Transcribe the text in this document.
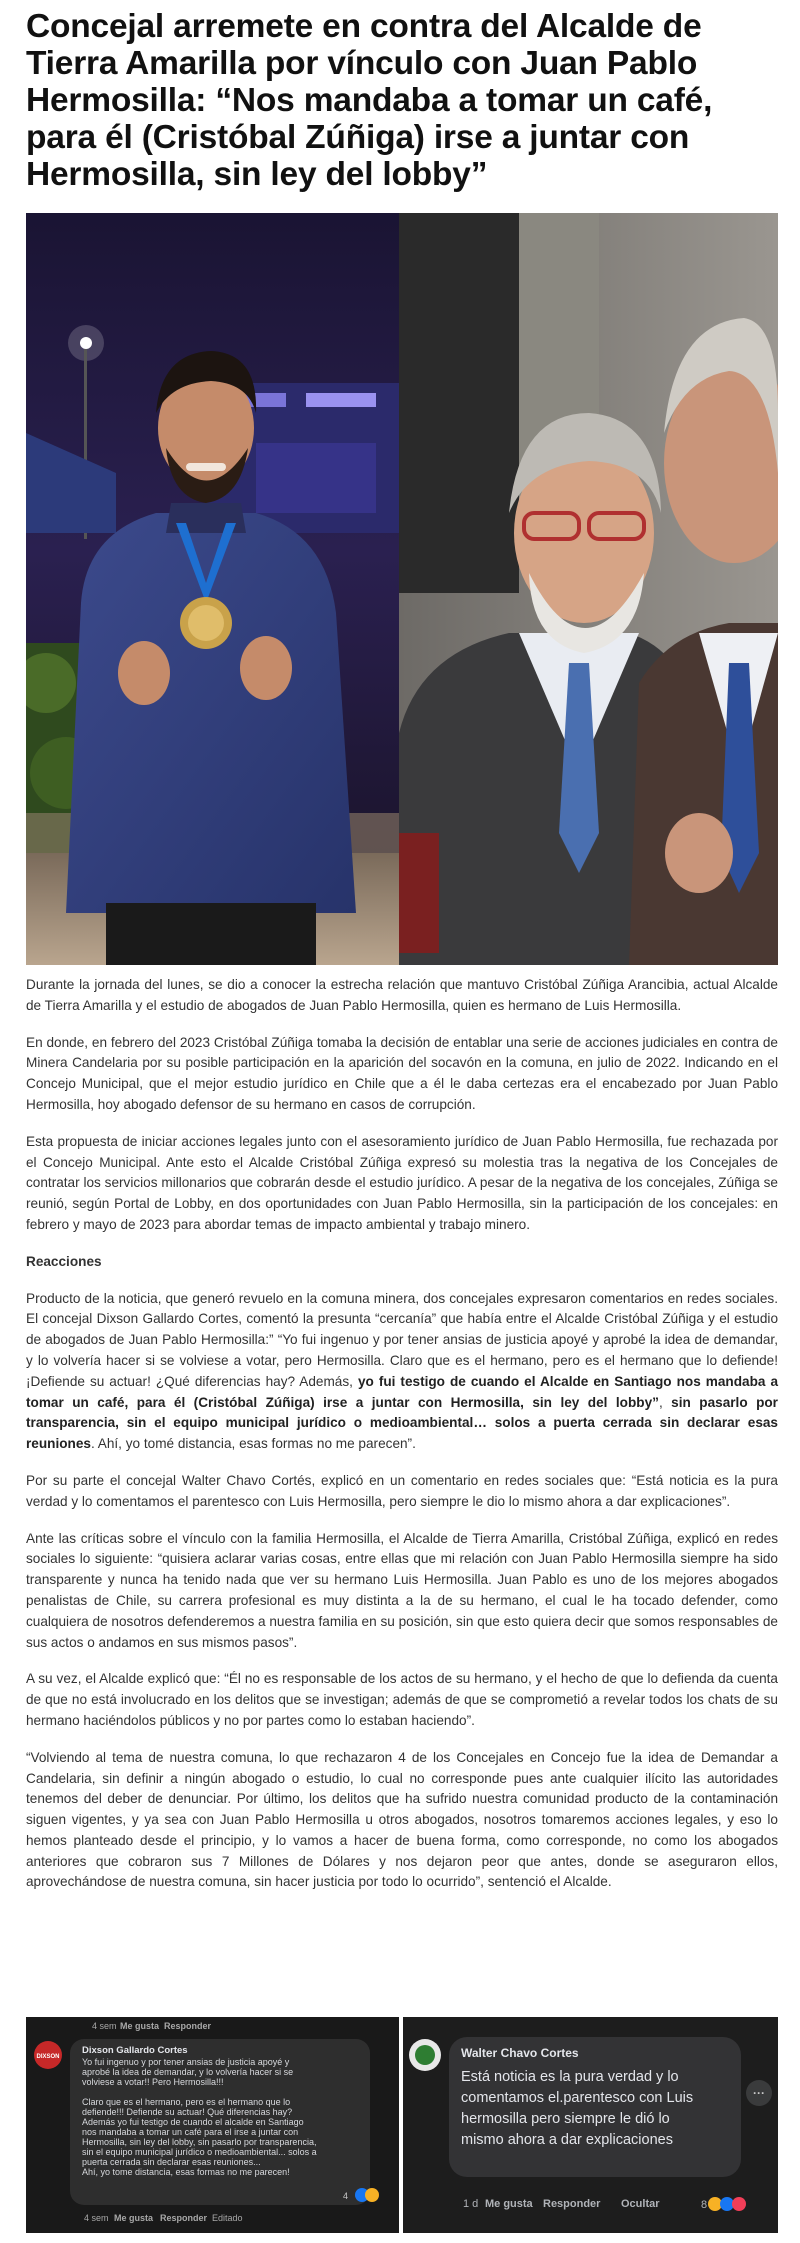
Concejal arremete en contra del Alcalde de Tierra Amarilla por vínculo con Juan Pablo Hermosilla: “Nos mandaba a tomar un café, para él (Cristóbal Zúñiga) irse a juntar con Hermosilla, sin ley del lobby”

Durante la jornada del lunes, se dio a conocer la estrecha relación que mantuvo Cristóbal Zúñiga Arancibia, actual Alcalde de Tierra Amarilla y el estudio de abogados de Juan Pablo Hermosilla, quien es hermano de Luis Hermosilla.

En donde, en febrero del 2023 Cristóbal Zúñiga tomaba la decisión de entablar una serie de acciones judiciales en contra de Minera Candelaria por su posible participación en la aparición del socavón en la comuna, en julio de 2022. Indicando en el Concejo Municipal, que el mejor estudio jurídico en Chile que a él le daba certezas era el encabezado por Juan Pablo Hermosilla, hoy abogado defensor de su hermano en casos de corrupción.

Esta propuesta de iniciar acciones legales junto con el asesoramiento jurídico de Juan Pablo Hermosilla, fue rechazada por el Concejo Municipal. Ante esto el Alcalde Cristóbal Zúñiga expresó su molestia tras la negativa de los Concejales de contratar los servicios millonarios que cobrarán desde el estudio jurídico. A pesar de la negativa de los concejales, Zúñiga se reunió, según Portal de Lobby, en dos oportunidades con Juan Pablo Hermosilla, sin la participación de los concejales: en febrero y mayo de 2023 para abordar temas de impacto ambiental y trabajo minero.

Reacciones

Producto de la noticia, que generó revuelo en la comuna minera, dos concejales expresaron comentarios en redes sociales. El concejal Dixson Gallardo Cortes, comentó la presunta “cercanía” que había entre el Alcalde Cristóbal Zúñiga y el estudio de abogados de Juan Pablo Hermosilla:” “Yo fui ingenuo y por tener ansias de justicia apoyé y aprobé la idea de demandar, y lo volvería hacer si se volviese a votar, pero Hermosilla. Claro que es el hermano, pero es el hermano que lo defiende! ¡Defiende su actuar! ¿Qué diferencias hay? Además, yo fui testigo de cuando el Alcalde en Santiago nos mandaba a tomar un café, para él (Cristóbal Zúñiga) irse a juntar con Hermosilla, sin ley del lobby”, sin pasarlo por transparencia, sin el equipo municipal jurídico o medioambiental… solos a puerta cerrada sin declarar esas reuniones. Ahí, yo tomé distancia, esas formas no me parecen”.

Por su parte el concejal Walter Chavo Cortés, explicó en un comentario en redes sociales que: “Está noticia es la pura verdad y lo comentamos el parentesco con Luis Hermosilla, pero siempre le dio lo mismo ahora a dar explicaciones”.

Ante las críticas sobre el vínculo con la familia Hermosilla, el Alcalde de Tierra Amarilla, Cristóbal Zúñiga, explicó en redes sociales lo siguiente: “quisiera aclarar varias cosas, entre ellas que mi relación con Juan Pablo Hermosilla siempre ha sido transparente y nunca ha tenido nada que ver su hermano Luis Hermosilla. Juan Pablo es uno de los mejores abogados penalistas de Chile, su carrera profesional es muy distinta a la de su hermano, el cual le ha tocado defender, como cualquiera de nosotros defenderemos a nuestra familia en su posición, sin que esto quiera decir que somos responsables de sus actos o andamos en sus mismos pasos”.

A su vez, el Alcalde explicó que: “Él no es responsable de los actos de su hermano, y el hecho de que lo defienda da cuenta de que no está involucrado en los delitos que se investigan; además de que se comprometió a revelar todos los chats de su hermano haciéndolos públicos y no por partes como lo estaban haciendo”.

“Volviendo al tema de nuestra comuna, lo que rechazaron 4 de los Concejales en Concejo fue la idea de Demandar a Candelaria, sin definir a ningún abogado o estudio, lo cual no corresponde pues ante cualquier ilícito las autoridades tenemos del deber de denunciar. Por último, los delitos que ha sufrido nuestra comunidad producto de la contaminación siguen vigentes, y ya sea con Juan Pablo Hermosilla u otros abogados, nosotros tomaremos acciones legales, y eso lo hemos planteado desde el principio, y lo vamos a hacer de buena forma, como corresponde, no como los abogados anteriores que cobraron sus 7 Millones de Dólares y nos dejaron peor que antes, donde se aseguraron ellos, aprovechándose de nuestra comuna, sin hacer justicia por todo lo ocurrido”, sentenció el Alcalde.

4 sem Me gusta Responder
DIXSON
Dixson Gallardo Cortes
Yo fui ingenuo y por tener ansias de justicia apoyé y
aprobé la idea de demandar, y lo volvería hacer si se
volviese a votar!! Pero Hermosilla!!!
Claro que es el hermano, pero es el hermano que lo
defiende!!! Defiende su actuar! Qué diferencias hay?
Además yo fui testigo de cuando el alcalde en Santiago
nos mandaba a tomar un café para el irse a juntar con
Hermosilla, sin ley del lobby, sin pasarlo por transparencia,
sin el equipo municipal jurídico o medioambiental... solos a
puerta cerrada sin declarar esas reuniones...
Ahí, yo tome distancia, esas formas no me parecen!
4
4 sem Me gusta Responder Editado
Walter Chavo Cortes
Está noticia es la pura verdad y lo
comentamos el.parentesco con Luis
hermosilla pero siempre le dió lo
mismo ahora a dar explicaciones
···
1 d Me gusta Responder Ocultar	8
